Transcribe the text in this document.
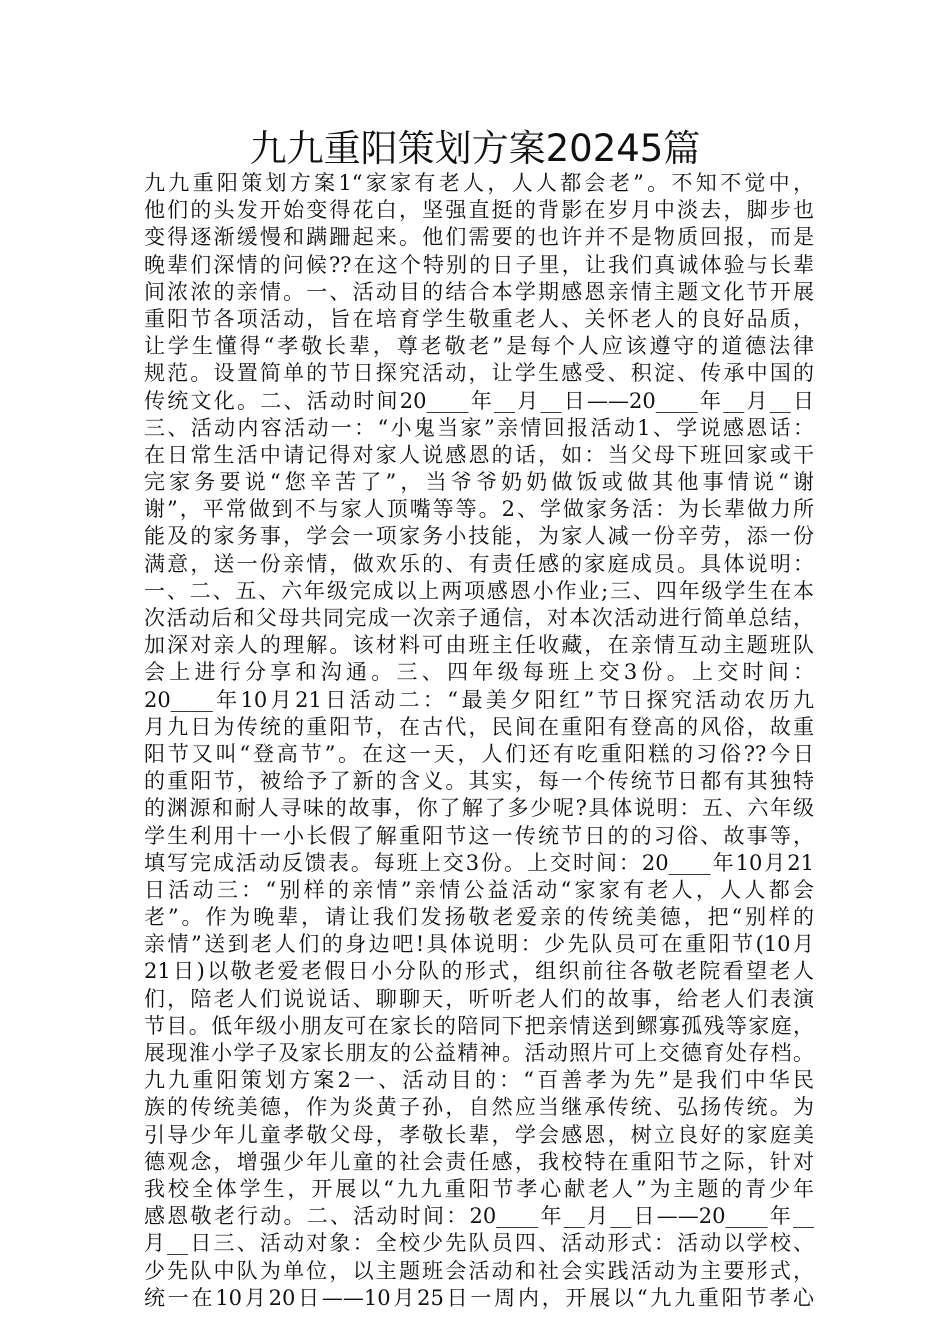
九九重阳策划方案20245篇
九九重阳策划方案1“家家有老人，人人都会老”。不知不觉中，
他们的头发开始变得花白，坚强直挺的背影在岁月中淡去，脚步也
变得逐渐缓慢和蹒跚起来。他们需要的也许并不是物质回报，而是
晚辈们深情的问候??在这个特别的日子里，让我们真诚体验与长辈
间浓浓的亲情。一、活动目的结合本学期感恩亲情主题文化节开展
重阳节各项活动，旨在培育学生敬重老人、关怀老人的良好品质，
让学生懂得“孝敬长辈，尊老敬老”是每个人应该遵守的道德法律
规范。设置简单的节日探究活动，让学生感受、积淀、传承中国的
传统文化。二、活动时间20____年__月__日——20____年__月__日
三、活动内容活动一：“小鬼当家”亲情回报活动1、学说感恩话：
在日常生活中请记得对家人说感恩的话，如：当父母下班回家或干
完家务要说“您辛苦了”，当爷爷奶奶做饭或做其他事情说“谢
谢”，平常做到不与家人顶嘴等等。2、学做家务活：为长辈做力所
能及的家务事，学会一项家务小技能，为家人减一份辛劳，添一份
满意，送一份亲情，做欢乐的、有责任感的家庭成员。具体说明：
一、二、五、六年级完成以上两项感恩小作业;三、四年级学生在本
次活动后和父母共同完成一次亲子通信，对本次活动进行简单总结，
加深对亲人的理解。该材料可由班主任收藏，在亲情互动主题班队
会上进行分享和沟通。三、四年级每班上交3份。上交时间：
20____年10月21日活动二：“最美夕阳红”节日探究活动农历九
月九日为传统的重阳节，在古代，民间在重阳有登高的风俗，故重
阳节又叫“登高节”。在这一天，人们还有吃重阳糕的习俗??今日
的重阳节，被给予了新的含义。其实，每一个传统节日都有其独特
的渊源和耐人寻味的故事，你了解了多少呢?具体说明：五、六年级
学生利用十一小长假了解重阳节这一传统节日的的习俗、故事等，
填写完成活动反馈表。每班上交3份。上交时间：20____年10月21
日活动三：“别样的亲情”亲情公益活动“家家有老人，人人都会
老”。作为晚辈，请让我们发扬敬老爱亲的传统美德，把“别样的
亲情”送到老人们的身边吧!具体说明：少先队员可在重阳节(10月
21日)以敬老爱老假日小分队的形式，组织前往各敬老院看望老人
们，陪老人们说说话、聊聊天，听听老人们的故事，给老人们表演
节目。低年级小朋友可在家长的陪同下把亲情送到鳏寡孤残等家庭，
展现淮小学子及家长朋友的公益精神。活动照片可上交德育处存档。
九九重阳策划方案2一、活动目的：“百善孝为先”是我们中华民
族的传统美德，作为炎黄子孙，自然应当继承传统、弘扬传统。为
引导少年儿童孝敬父母，孝敬长辈，学会感恩，树立良好的家庭美
德观念，增强少年儿童的社会责任感，我校特在重阳节之际，针对
我校全体学生，开展以“九九重阳节孝心献老人”为主题的青少年
感恩敬老行动。二、活动时间：20____年__月__日——20____年__
月__日三、活动对象：全校少先队员四、活动形式：活动以学校、
少先队中队为单位，以主题班会活动和社会实践活动为主要形式，
统一在10月20日——10月25日一周内，开展以“九九重阳节孝心
